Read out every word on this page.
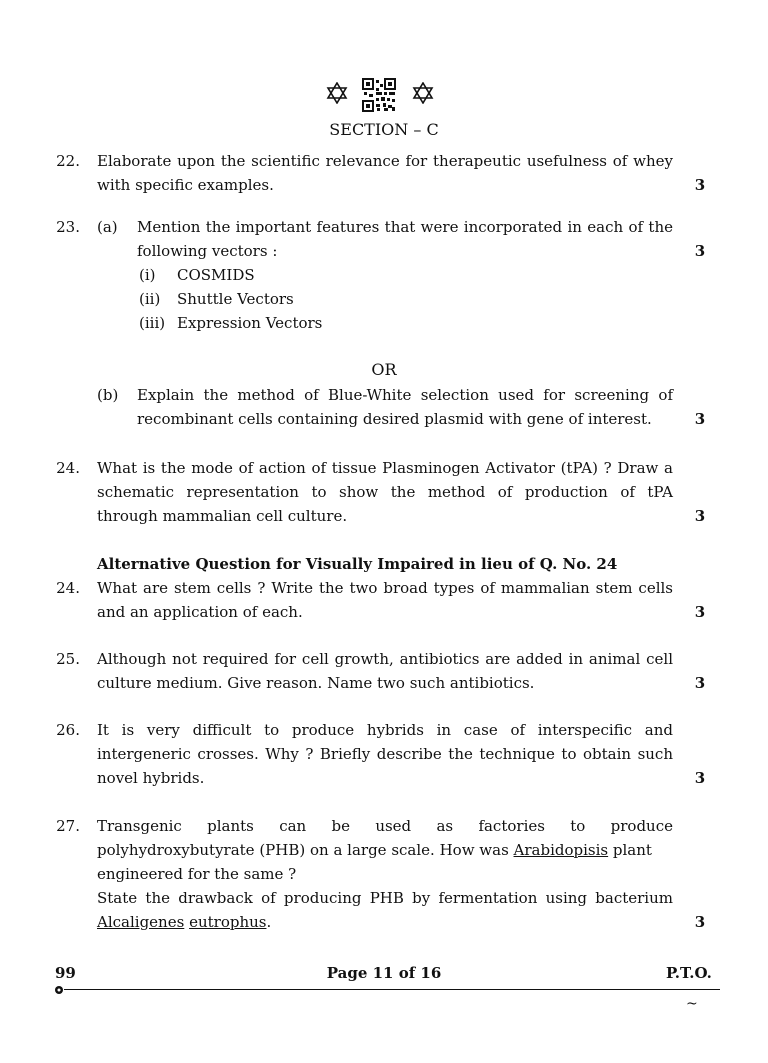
SECTION – C
22. Elaborate upon the scientific relevance for therapeutic usefulness of whey
with specific examples.	3
23. (a) Mention the important features that were incorporated in each of the
following vectors :	3
(i) COSMIDS
(ii) Shuttle Vectors
(iii) Expression Vectors
OR
(b) Explain the method of Blue-White selection used for screening of
recombinant cells containing desired plasmid with gene of interest.	3
24. What is the mode of action of tissue Plasminogen Activator (tPA) ? Draw a
schematic representation to show the method of production of tPA
through mammalian cell culture.	3
Alternative Question for Visually Impaired in lieu of Q. No. 24
24. What are stem cells ? Write the two broad types of mammalian stem cells
and an application of each.	3
25. Although not required for cell growth, antibiotics are added in animal cell
culture medium. Give reason. Name two such antibiotics.	3
26. It is very difficult to produce hybrids in case of interspecific and
intergeneric crosses. Why ? Briefly describe the technique to obtain such
novel hybrids.	3
27. Transgenic plants can be used as factories to produce
polyhydroxybutyrate (PHB) on a large scale. How was Arabidopisis plant
engineered for the same ?
State the drawback of producing PHB by fermentation using bacterium
Alcaligenes eutrophus.	3
99	Page 11 of 16	P.T.O.
~
